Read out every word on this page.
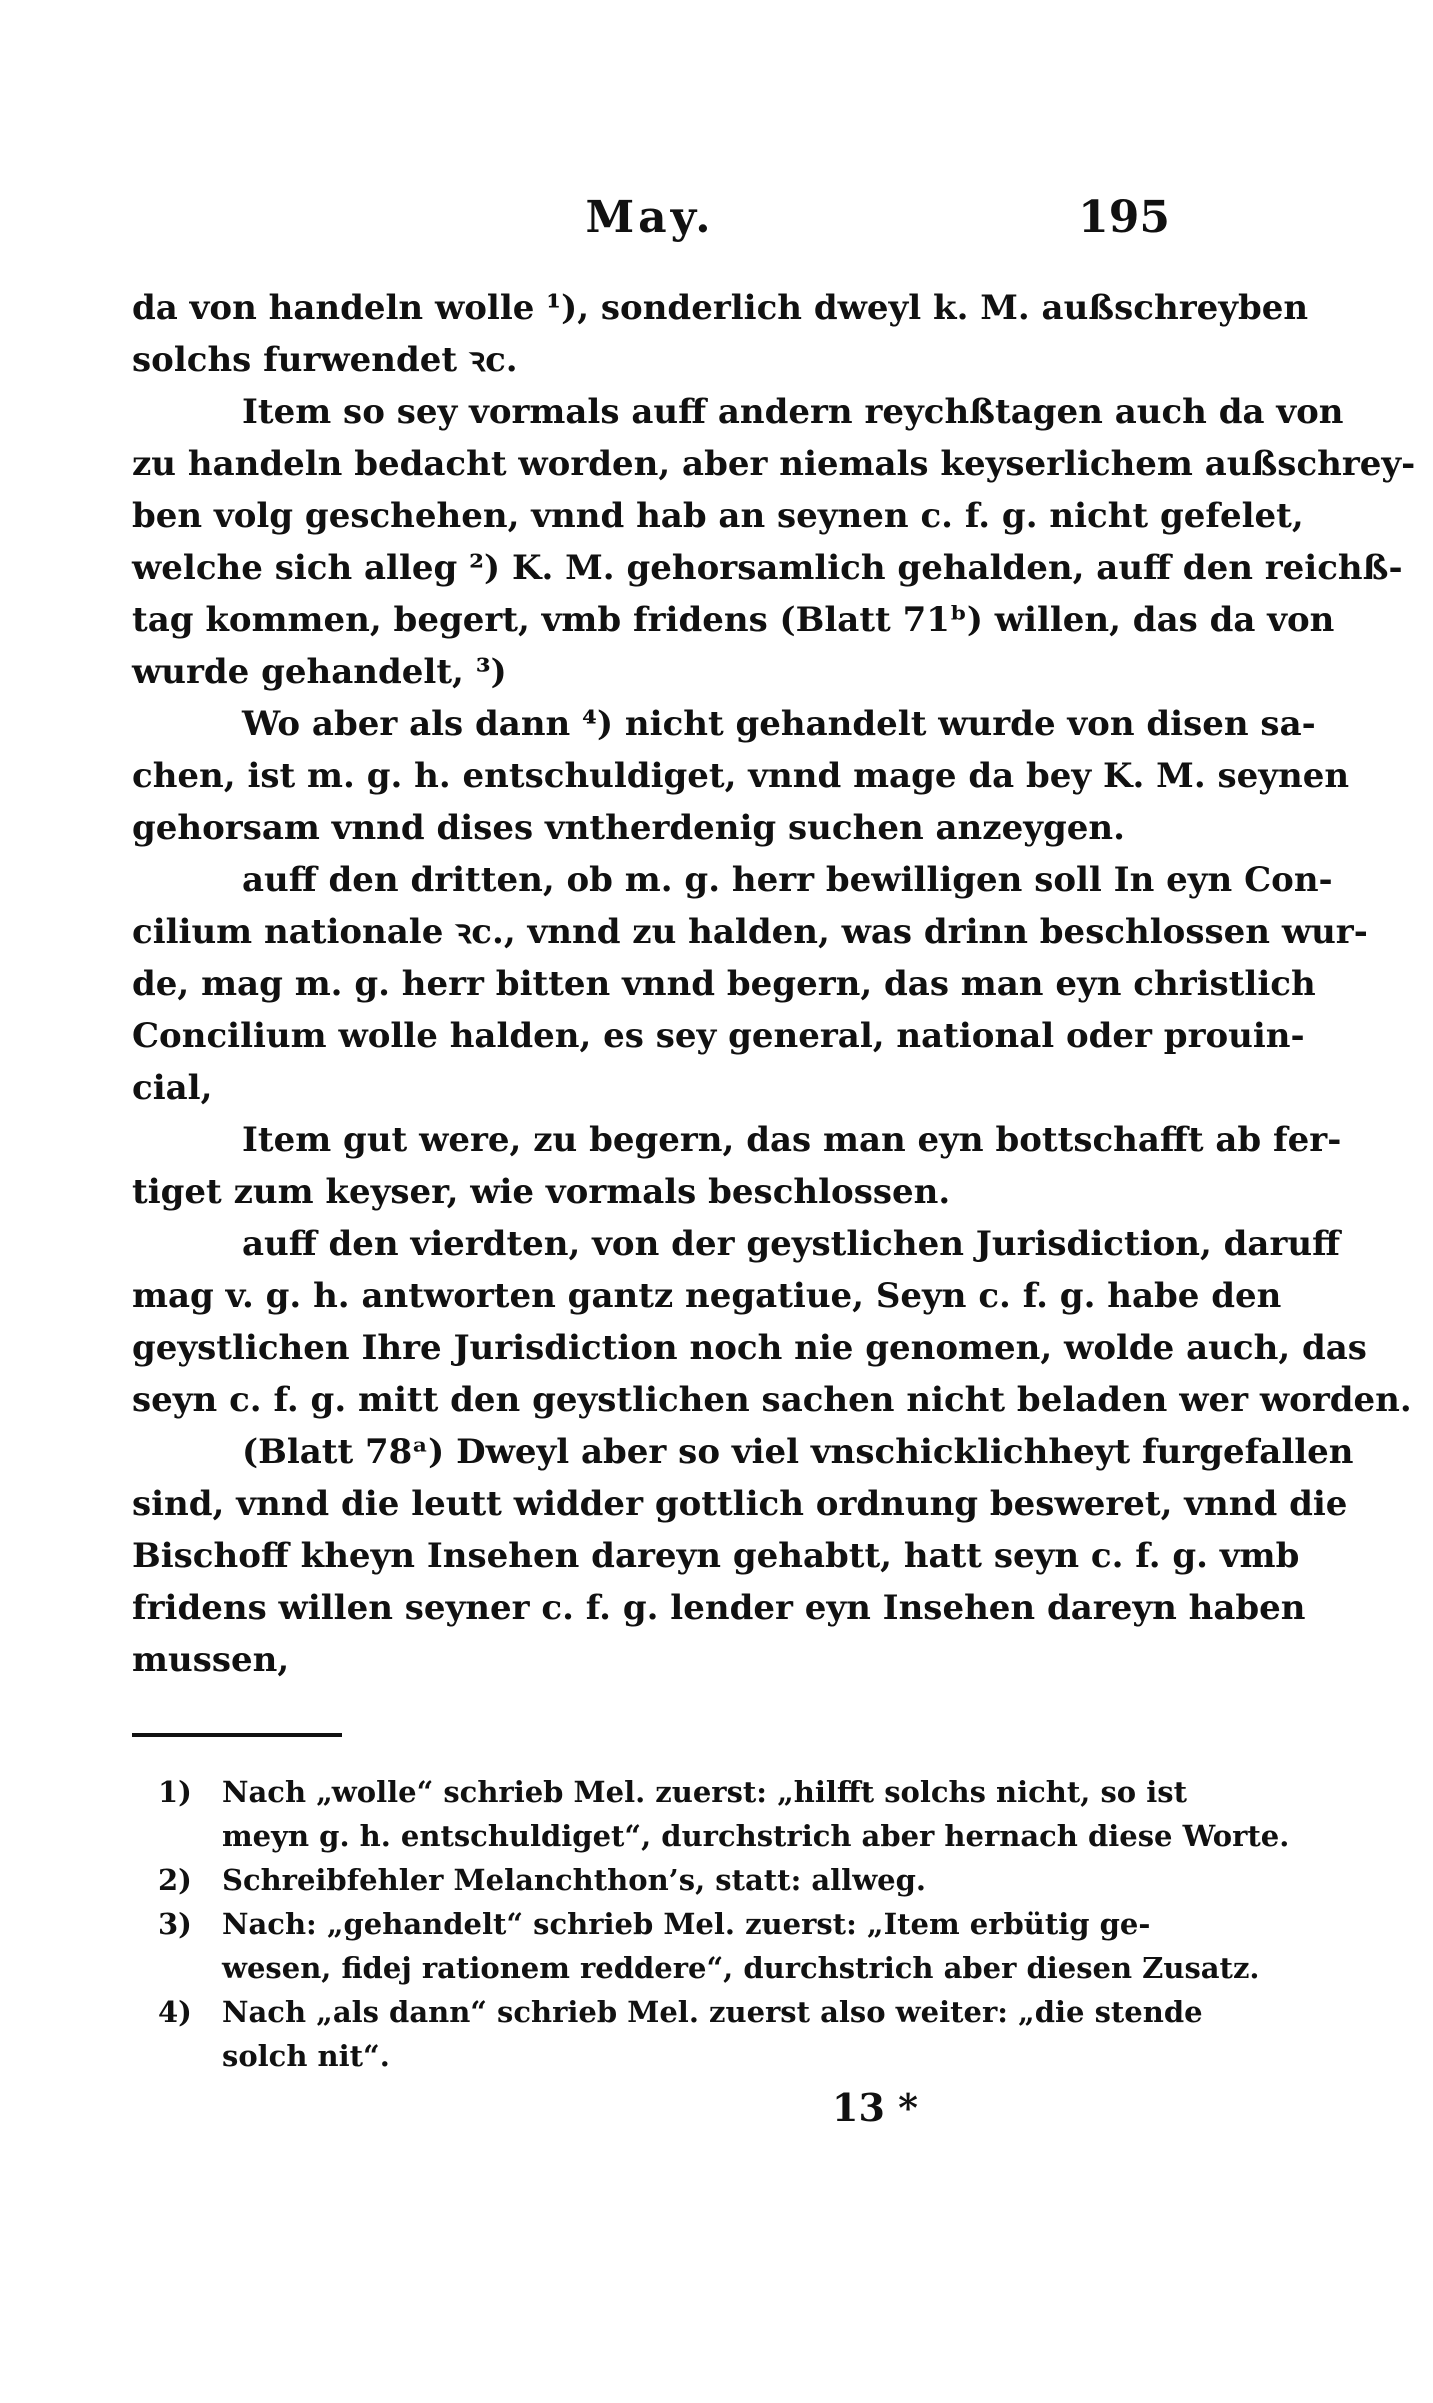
May.	195
da von handeln wolle ¹), sonderlich dweyl k. M. außschreyben
solchs furwendet ꝛc.
Item so sey vormals auff andern reychßtagen auch da von
zu handeln bedacht worden, aber niemals keyserlichem außschrey-
ben volg geschehen, vnnd hab an seynen c. f. g. nicht gefelet,
welche sich alleg ²) K. M. gehorsamlich gehalden, auff den reichß-
tag kommen, begert, vmb fridens (Blatt 71ᵇ) willen, das da von
wurde gehandelt, ³)
Wo aber als dann ⁴) nicht gehandelt wurde von disen sa-
chen, ist m. g. h. entschuldiget, vnnd mage da bey K. M. seynen
gehorsam vnnd dises vntherdenig suchen anzeygen.
auff den dritten, ob m. g. herr bewilligen soll In eyn Con-
cilium nationale ꝛc., vnnd zu halden, was drinn beschlossen wur-
de, mag m. g. herr bitten vnnd begern, das man eyn christlich
Concilium wolle halden, es sey general, national oder prouin-
cial,
Item gut were, zu begern, das man eyn bottschafft ab fer-
tiget zum keyser, wie vormals beschlossen.
auff den vierdten, von der geystlichen Jurisdiction, daruff
mag v. g. h. antworten gantz negatiue, Seyn c. f. g. habe den
geystlichen Ihre Jurisdiction noch nie genomen, wolde auch, das
seyn c. f. g. mitt den geystlichen sachen nicht beladen wer worden.
(Blatt 78ᵃ) Dweyl aber so viel vnschicklichheyt furgefallen
sind, vnnd die leutt widder gottlich ordnung besweret, vnnd die
Bischoff kheyn Insehen dareyn gehabtt, hatt seyn c. f. g. vmb
fridens willen seyner c. f. g. lender eyn Insehen dareyn haben
mussen,
1) Nach „wolle“ schrieb Mel. zuerst: „hilfft solchs nicht, so ist
meyn g. h. entschuldiget“, durchstrich aber hernach diese Worte.
2) Schreibfehler Melanchthon’s, statt: allweg.
3) Nach: „gehandelt“ schrieb Mel. zuerst: „Item erbütig ge-
wesen, fidej rationem reddere“, durchstrich aber diesen Zusatz.
4) Nach „als dann“ schrieb Mel. zuerst also weiter: „die stende
solch nit“.
13 *
